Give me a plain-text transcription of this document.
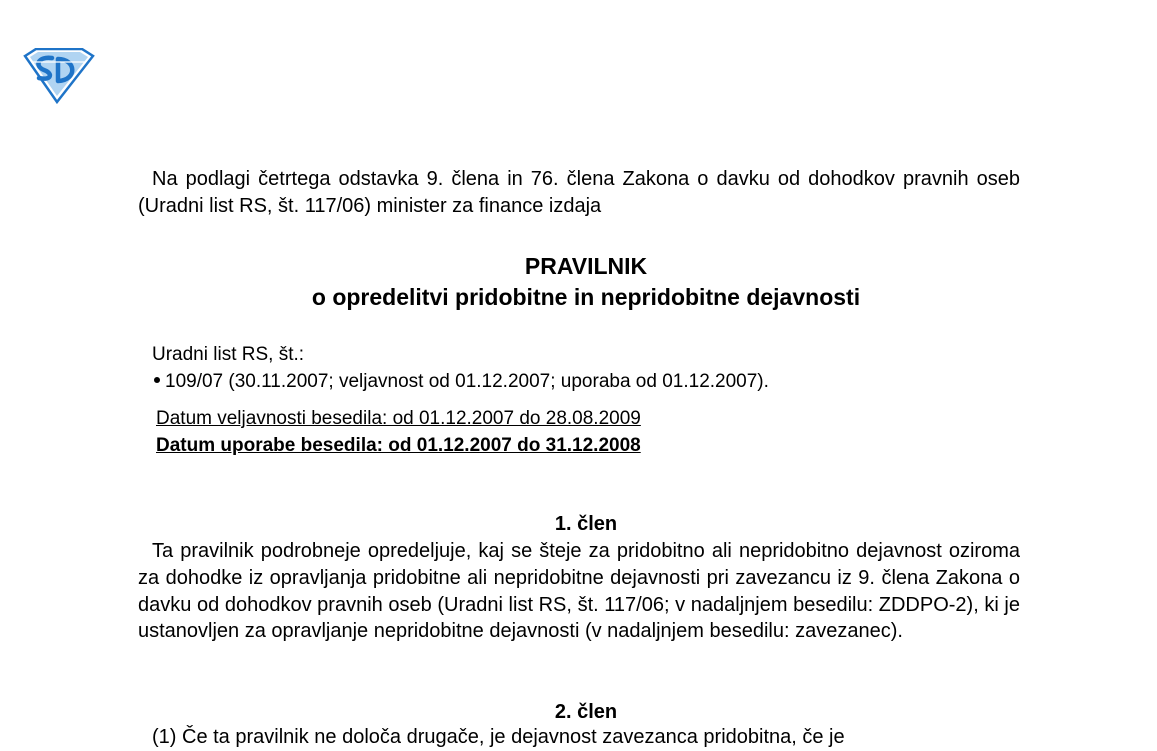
Na podlagi četrtega odstavka 9. člena in 76. člena Zakona o davku od dohodkov pravnih oseb (Uradni list RS, št. 117/06) minister za finance izdaja

PRAVILNIK
o opredelitvi pridobitne in nepridobitne dejavnosti
Uradni list RS, št.:
109/07 (30.11.2007; veljavnost od 01.12.2007; uporaba od 01.12.2007).
Datum veljavnosti besedila: od 01.12.2007 do 28.08.2009
Datum uporabe besedila: od 01.12.2007 do 31.12.2008
1. člen

Ta pravilnik podrobneje opredeljuje, kaj se šteje za pridobitno ali nepridobitno dejavnost oziroma za dohodke iz opravljanja pridobitne ali nepridobitne dejavnosti pri zavezancu iz 9. člena Zakona o davku od dohodkov pravnih oseb (Uradni list RS, št. 117/06; v nadaljnjem besedilu: ZDDPO-2), ki je ustanovljen za opravljanje nepridobitne dejavnosti (v nadaljnjem besedilu: zavezanec).

2. člen

(1) Če ta pravilnik ne določa drugače, je dejavnost zavezanca pridobitna, če je
